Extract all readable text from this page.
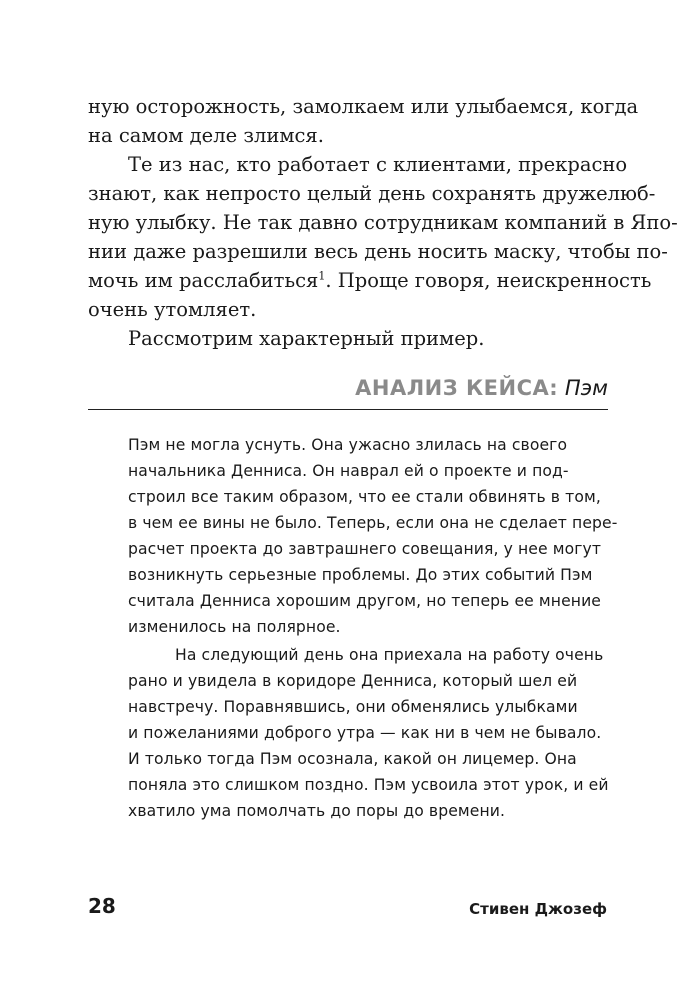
ную осторожность, замолкаем или улыбаемся, когда
на самом деле злимся.
Те из нас, кто работает с клиентами, прекрасно
знают, как непросто целый день сохранять дружелюб-
ную улыбку. Не так давно сотрудникам компаний в Япо-
нии даже разрешили весь день носить маску, чтобы по-
мочь им расслабиться$^1$. Проще говоря, неискренность
очень утомляет.
Рассмотрим характерный пример.
АНАЛИЗ КЕЙСА: Пэм
Пэм не могла уснуть. Она ужасно злилась на своего
начальника Денниса. Он наврал ей о проекте и под-
строил все таким образом, что ее стали обвинять в том,
в чем ее вины не было. Теперь, если она не сделает пере-
расчет проекта до завтрашнего совещания, у нее могут
возникнуть серьезные проблемы. До этих событий Пэм
считала Денниса хорошим другом, но теперь ее мнение
изменилось на полярное.
На следующий день она приехала на работу очень
рано и увидела в коридоре Денниса, который шел ей
навстречу. Поравнявшись, они обменялись улыбками
и пожеланиями доброго утра — как ни в чем не бывало.
И только тогда Пэм осознала, какой он лицемер. Она
поняла это слишком поздно. Пэм усвоила этот урок, и ей
хватило ума помолчать до поры до времени.
28	Стивен Джозеф
